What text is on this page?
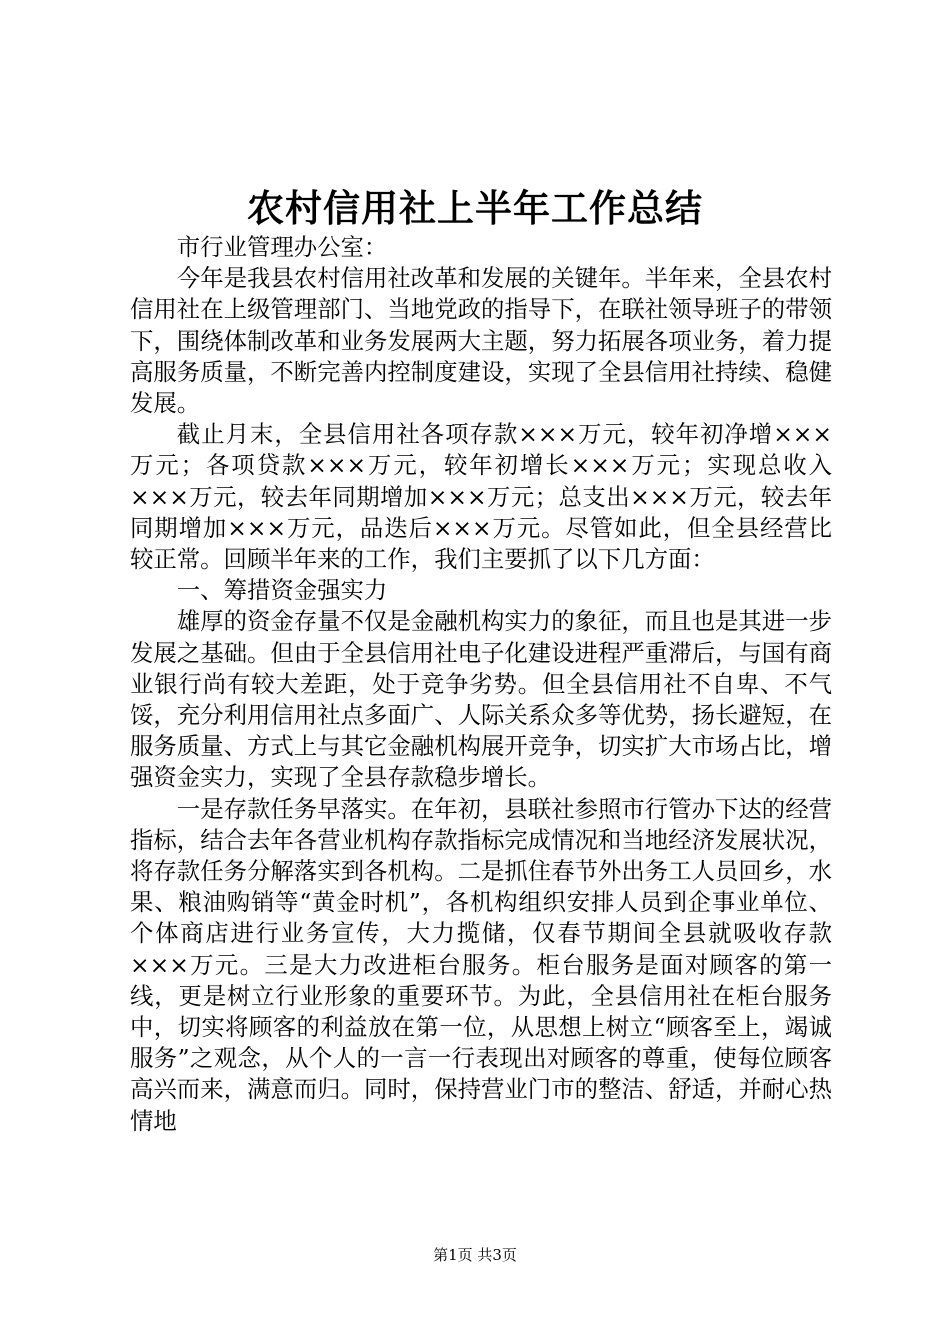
农村信用社上半年工作总结

市行业管理办公室：

今年是我县农村信用社改革和发展的关键年。半年来，全县农村信用社在上级管理部门、当地党政的指导下，在联社领导班子的带领下，围绕体制改革和业务发展两大主题，努力拓展各项业务，着力提高服务质量，不断完善内控制度建设，实现了全县信用社持续、稳健发展。

截止月末，全县信用社各项存款×××万元，较年初净增×××万元；各项贷款×××万元，较年初增长×××万元；实现总收入×××万元，较去年同期增加×××万元；总支出×××万元，较去年同期增加×××万元，品迭后×××万元。尽管如此，但全县经营比较正常。回顾半年来的工作，我们主要抓了以下几方面：

一、筹措资金强实力

雄厚的资金存量不仅是金融机构实力的象征，而且也是其进一步发展之基础。但由于全县信用社电子化建设进程严重滞后，与国有商业银行尚有较大差距，处于竞争劣势。但全县信用社不自卑、不气馁，充分利用信用社点多面广、人际关系众多等优势，扬长避短，在服务质量、方式上与其它金融机构展开竞争，切实扩大市场占比，增强资金实力，实现了全县存款稳步增长。

一是存款任务早落实。在年初，县联社参照市行管办下达的经营指标，结合去年各营业机构存款指标完成情况和当地经济发展状况，将存款任务分解落实到各机构。二是抓住春节外出务工人员回乡，水果、粮油购销等“黄金时机”，各机构组织安排人员到企事业单位、个体商店进行业务宣传，大力揽储，仅春节期间全县就吸收存款×××万元。三是大力改进柜台服务。柜台服务是面对顾客的第一线，更是树立行业形象的重要环节。为此，全县信用社在柜台服务中，切实将顾客的利益放在第一位，从思想上树立“顾客至上，竭诚服务”之观念，从个人的一言一行表现出对顾客的尊重，使每位顾客高兴而来，满意而归。同时，保持营业门市的整洁、舒适，并耐心热情地

第1页 共3页
